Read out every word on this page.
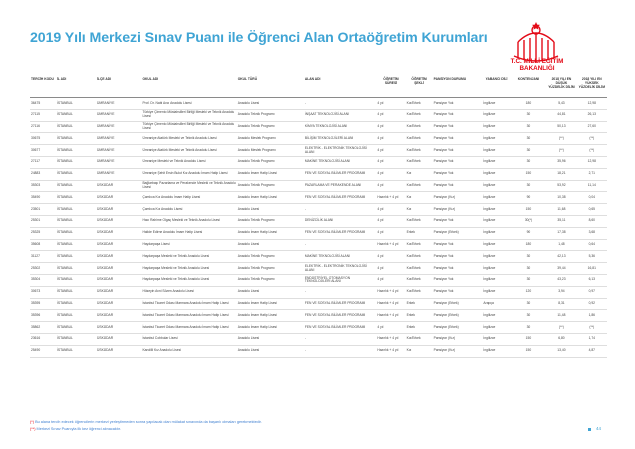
2019 Yılı Merkezi Sınav Puanı ile Öğrenci Alan Ortaöğretim Kurumları
T.C. MİLLİ EĞİTİM
BAKANLIĞI
TERCİH KODU	İL ADI	İLÇE ADI	OKUL ADI	OKUL TÜRÜ	ALAN ADI	ÖĞRETİM SÜRESİ	ÖĞRETİM ŞEKLİ	PANSİYON DURUMU	YABANCI DİLİ	KONTENJANI	2018 YILI EN DÜŞÜK YÜZDELİK DİLİM	2018 YILI EN YÜKSEK YÜZDELİK DİLİM
36475	İSTANBUL	ÜMRANİYE	Prof. Dr. Nabi Avcı Anadolu Lisesi	Anadolu Lisesi	-	4 yıl	Kız/Erkek	Pansiyon Yok	İngilizce	180	5,43	12,98
27115	İSTANBUL	ÜMRANİYE	Türkiye Çimento Müstahsilleri Birliği Mesleki ve Teknik Anadolu Lisesi	Anadolu Teknik Programı	İNŞAAT TEKNOLOJİSİ ALANI	4 yıl	Kız/Erkek	Pansiyon Yok	İngilizce	30	44,81	26,13
27116	İSTANBUL	ÜMRANİYE	Türkiye Çimento Müstahsilleri Birliği Mesleki ve Teknik Anadolu Lisesi	Anadolu Teknik Programı	KİMYA TEKNOLOJİSİ ALANI	4 yıl	Kız/Erkek	Pansiyon Yok	İngilizce	30	50,13	27,60
30675	İSTANBUL	ÜMRANİYE	Ümraniye Atatürk Mesleki ve Teknik Anadolu Lisesi	Anadolu Meslek Programı	BİLİŞİM TEKNOLOJİLERİ ALANI	4 yıl	Kız/Erkek	Pansiyon Yok	İngilizce	30	(**)	(**)
30677	İSTANBUL	ÜMRANİYE	Ümraniye Atatürk Mesleki ve Teknik Anadolu Lisesi	Anadolu Meslek Programı	ELEKTRİK - ELEKTRONİK TEKNOLOJİSİ ALANI	4 yıl	Kız/Erkek	Pansiyon Yok	İngilizce	30	(**)	(**)
27117	İSTANBUL	ÜMRANİYE	Ümraniye Mesleki ve Teknik Anadolu Lisesi	Anadolu Teknik Programı	MAKİNE TEKNOLOJİSİ ALANI	4 yıl	Kız/Erkek	Pansiyon Yok	İngilizce	30	35,96	12,98
24883	İSTANBUL	ÜMRANİYE	Ümraniye Şehit Ersin Bulut Kız Anadolu İmam Hatip Lisesi	Anadolu İmam Hatip Lisesi	FEN VE SOSYAL BİLİMLER PROGRAMI	4 yıl	Kız	Pansiyon Yok	İngilizce	150	18,21	2,71
35303	İSTANBUL	ÜSKÜDAR	Bağlarbaşı Pazarlama ve Perakende Mesleki ve Teknik Anadolu Lisesi	Anadolu Teknik Programı	PAZARLAMA VE PERAKENDE ALANI	4 yıl	Kız/Erkek	Pansiyon Yok	İngilizce	30	53,92	11,14
35490	İSTANBUL	ÜSKÜDAR	Çamlıca Kız Anadolu İmam Hatip Lisesi	Anadolu İmam Hatip Lisesi	FEN VE SOSYAL BİLİMLER PROGRAMI	Hazırlık + 4 yıl	Kız	Pansiyon (Kız)	İngilizce	90	10,38	0,04
23501	İSTANBUL	ÜSKÜDAR	Çamlıca Kız Anadolu Lisesi	Anadolu Lisesi	-	4 yıl	Kız	Pansiyon (Kız)	İngilizce	150	11,68	0,65
25301	İSTANBUL	ÜSKÜDAR	Hacı Rahime Olgaç Mesleki ve Teknik Anadolu Lisesi	Anadolu Teknik Programı	DENİZCİLİK ALANI	4 yıl	Kız/Erkek	Pansiyon Yok	İngilizce	30(*)	35,11	8,60
25325	İSTANBUL	ÜSKÜDAR	Halide Edirne Anadolu İmam Hatip Lisesi	Anadolu İmam Hatip Lisesi	FEN VE SOSYAL BİLİMLER PROGRAMI	4 yıl	Erkek	Pansiyon (Erkek)	İngilizce	90	17,38	3,68
35608	İSTANBUL	ÜSKÜDAR	Haydarpaşa Lisesi	Anadolu Lisesi	-	Hazırlık + 4 yıl	Kız/Erkek	Pansiyon Yok	İngilizce	180	1,48	0,64
31127	İSTANBUL	ÜSKÜDAR	Haydarpaşa Mesleki ve Teknik Anadolu Lisesi	Anadolu Teknik Programı	MAKİNE TEKNOLOJİSİ ALANI	4 yıl	Kız/Erkek	Pansiyon Yok	İngilizce	30	42,13	5,36
25302	İSTANBUL	ÜSKÜDAR	Haydarpaşa Mesleki ve Teknik Anadolu Lisesi	Anadolu Teknik Programı	ELEKTRİK - ELEKTRONİK TEKNOLOJİSİ ALANI	4 yıl	Kız/Erkek	Pansiyon Yok	İngilizce	30	39,44	16,81
35304	İSTANBUL	ÜSKÜDAR	Haydarpaşa Mesleki ve Teknik Anadolu Lisesi	Anadolu Teknik Programı	ENDÜSTRİYEL OTOMASYON TEKNOLOJİLERİ ALANI	4 yıl	Kız/Erkek	Pansiyon Yok	İngilizce	30	43,23	6,13
30673	İSTANBUL	ÜSKÜDAR	Hüseyin Avni Sözen Anadolu Lisesi	Anadolu Lisesi	-	Hazırlık + 4 yıl	Kız/Erkek	Pansiyon Yok	İngilizce	120	3,94	0,97
35395	İSTANBUL	ÜSKÜDAR	İstanbul Ticaret Odası Marmara Anadolu İmam Hatip Lisesi	Anadolu İmam Hatip Lisesi	FEN VE SOSYAL BİLİMLER PROGRAMI	Hazırlık + 4 yıl	Erkek	Pansiyon (Erkek)	Arapça	30	8,31	0,92
35396	İSTANBUL	ÜSKÜDAR	İstanbul Ticaret Odası Marmara Anadolu İmam Hatip Lisesi	Anadolu İmam Hatip Lisesi	FEN VE SOSYAL BİLİMLER PROGRAMI	Hazırlık + 4 yıl	Erkek	Pansiyon (Erkek)	İngilizce	30	11,48	1,86
35862	İSTANBUL	ÜSKÜDAR	İstanbul Ticaret Odası Marmara Anadolu İmam Hatip Lisesi	Anadolu İmam Hatip Lisesi	FEN VE SOSYAL BİLİMLER PROGRAMI	4 yıl	Erkek	Pansiyon (Erkek)	İngilizce	30	(**)	(**)
23616	İSTANBUL	ÜSKÜDAR	İstanbul Cobbular Lisesi	Anadolu Lisesi	-	Hazırlık + 4 yıl	Kız/Erkek	Pansiyon (Kız)	İngilizce	150	6,80	1,74
25490	İSTANBUL	ÜSKÜDAR	Kandilli Kız Anadolu Lisesi	Anadolu Lisesi	-	Hazırlık + 4 yıl	Kız	Pansiyon (Kız)	İngilizce	150	13,40	4,87
(*) Bu alana tercih edecek öğrencilerin merkezi yerleştirmeden sonra yapılacak olan mülakat sınavında da başarılı olmaları gerekmektedir.
(**) Merkezi Sınav Puanıyla ilk kez öğrenci alınacaktır.	44
